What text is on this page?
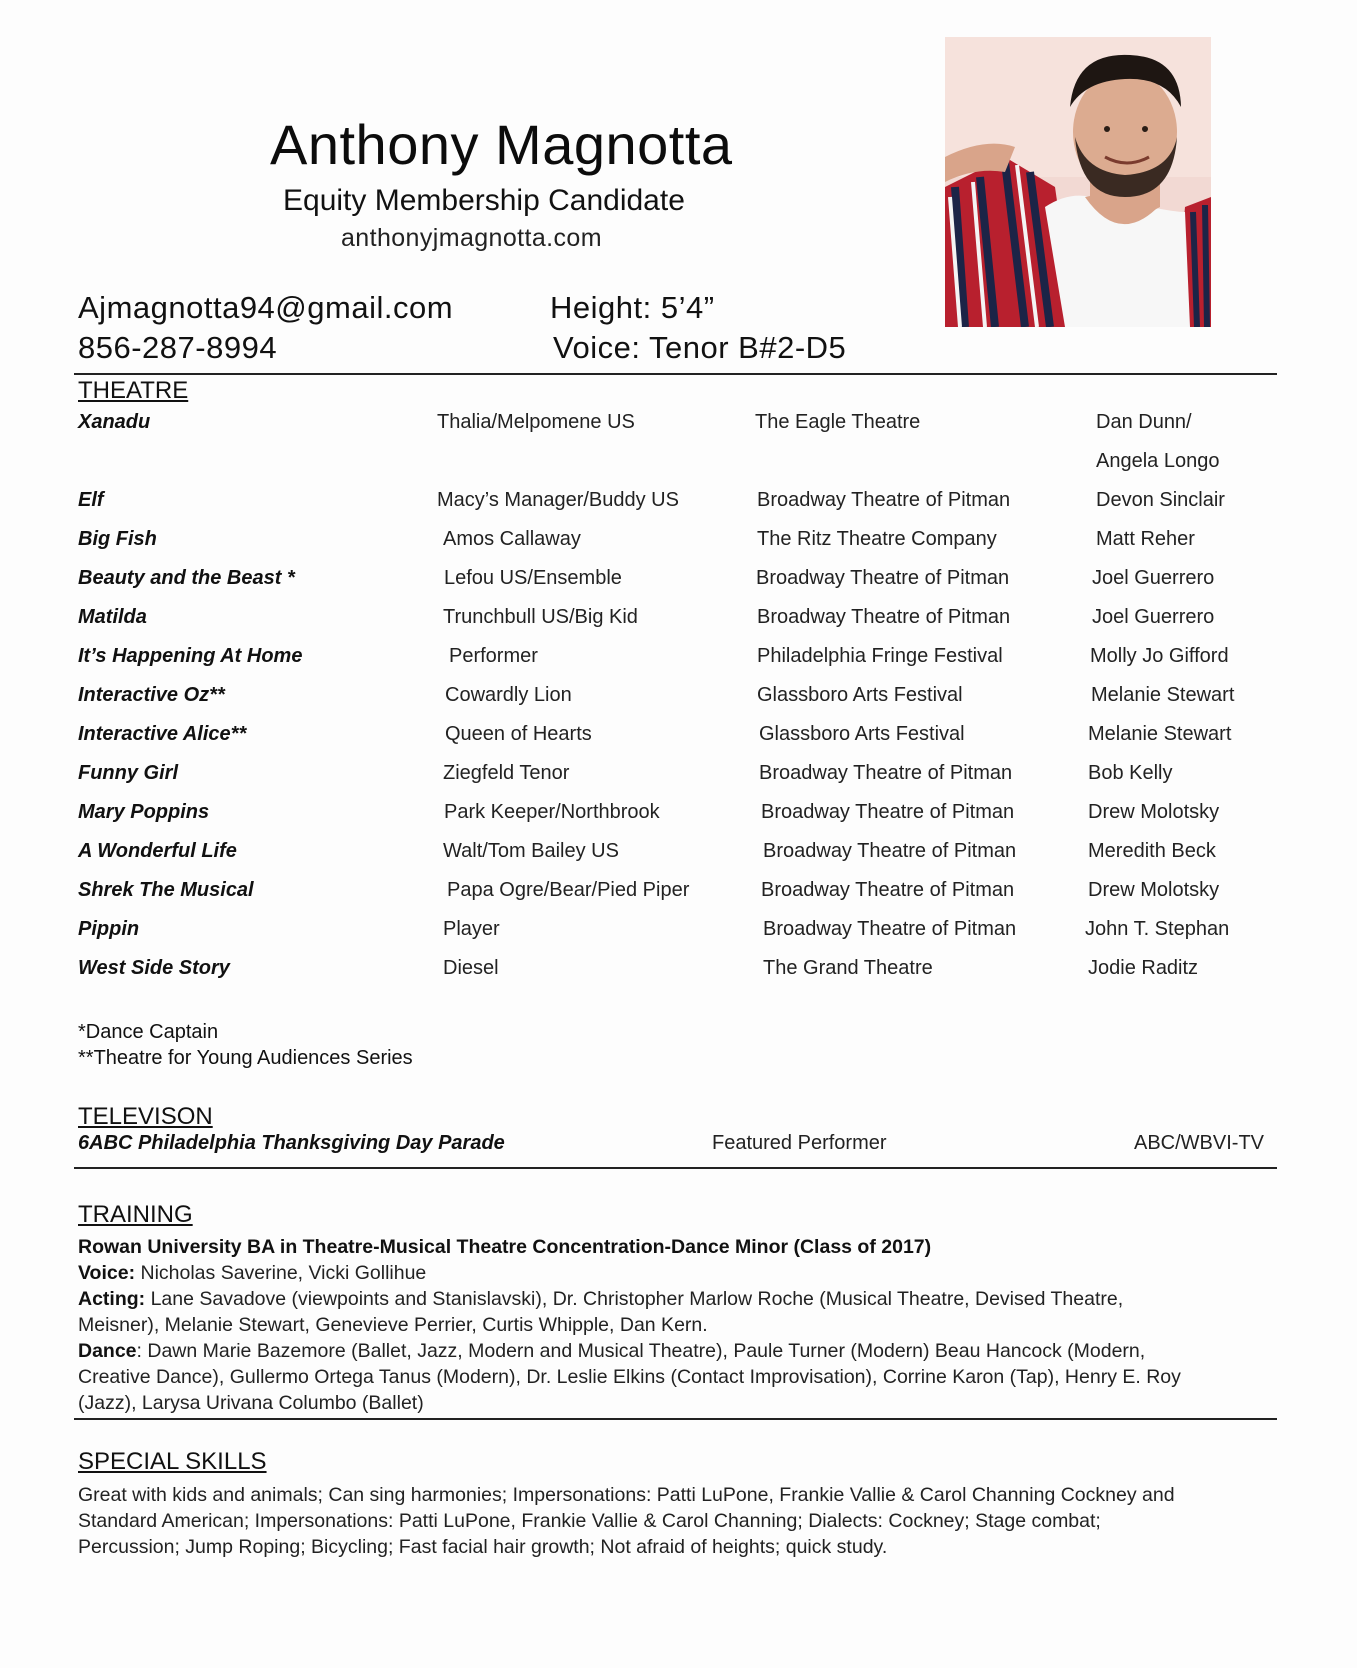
Anthony Magnotta
Equity Membership Candidate
anthonyjmagnotta.com
Ajmagnotta94@gmail.com
856-287-8994
Height: 5’4”
Voice: Tenor B#2-D5
THEATRE
Xanadu	Thalia/Melpomene US	The Eagle Theatre	Dan Dunn/
Angela Longo
Elf	Macy’s Manager/Buddy US	Broadway Theatre of Pitman	Devon Sinclair
Big Fish	Amos Callaway	The Ritz Theatre Company	Matt Reher
Beauty and the Beast *	Lefou US/Ensemble	Broadway Theatre of Pitman	Joel Guerrero
Matilda	Trunchbull US/Big Kid	Broadway Theatre of Pitman	Joel Guerrero
It’s Happening At Home	Performer	Philadelphia Fringe Festival	Molly Jo Gifford
Interactive Oz**	Cowardly Lion	Glassboro Arts Festival	Melanie Stewart
Interactive Alice**	Queen of Hearts	Glassboro Arts Festival	Melanie Stewart
Funny Girl	Ziegfeld Tenor	Broadway Theatre of Pitman	Bob Kelly
Mary Poppins	Park Keeper/Northbrook	Broadway Theatre of Pitman	Drew Molotsky
A Wonderful Life	Walt/Tom Bailey US	Broadway Theatre of Pitman	Meredith Beck
Shrek The Musical	Papa Ogre/Bear/Pied Piper	Broadway Theatre of Pitman	Drew Molotsky
Pippin	Player	Broadway Theatre of Pitman	John T. Stephan
West Side Story	Diesel	The Grand Theatre	Jodie Raditz
*Dance Captain
**Theatre for Young Audiences Series
TELEVISON
6ABC Philadelphia Thanksgiving Day Parade	Featured Performer	ABC/WBVI-TV
TRAINING
Rowan University BA in Theatre-Musical Theatre Concentration-Dance Minor (Class of 2017)
Voice: Nicholas Saverine, Vicki Gollihue
Acting: Lane Savadove (viewpoints and Stanislavski), Dr. Christopher Marlow Roche (Musical Theatre, Devised Theatre,
Meisner), Melanie Stewart, Genevieve Perrier, Curtis Whipple, Dan Kern.
Dance: Dawn Marie Bazemore (Ballet, Jazz, Modern and Musical Theatre), Paule Turner (Modern) Beau Hancock (Modern,
Creative Dance), Gullermo Ortega Tanus (Modern), Dr. Leslie Elkins (Contact Improvisation), Corrine Karon (Tap), Henry E. Roy
(Jazz), Larysa Urivana Columbo (Ballet)
SPECIAL SKILLS
Great with kids and animals; Can sing harmonies; Impersonations: Patti LuPone, Frankie Vallie & Carol Channing Cockney and
Standard American; Impersonations: Patti LuPone, Frankie Vallie & Carol Channing; Dialects: Cockney; Stage combat;
Percussion; Jump Roping; Bicycling; Fast facial hair growth; Not afraid of heights; quick study.
